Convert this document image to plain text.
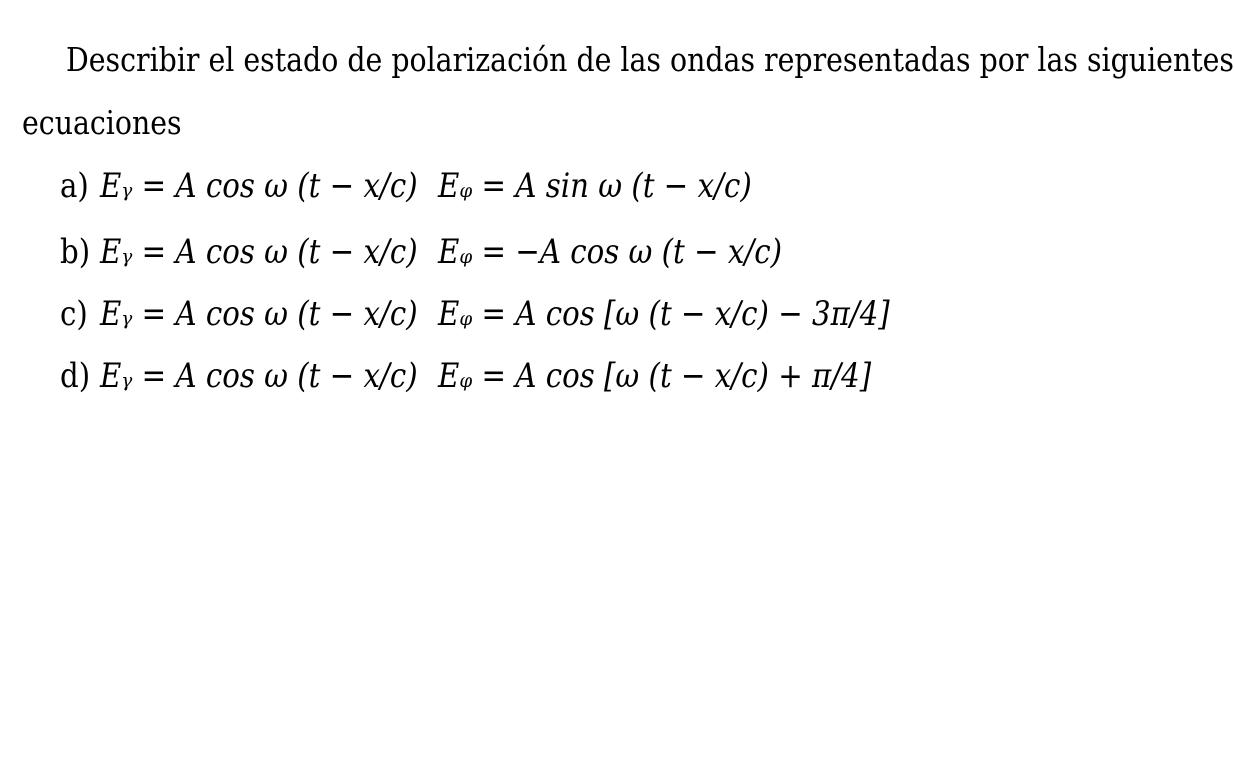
Describir el estado de polarización de las ondas representadas por las siguientes
ecuaciones
a) Eᵧ = A cos ω (t − x/c) Eᵩ = A sin ω (t − x/c)
b) Eᵧ = A cos ω (t − x/c) Eᵩ = −A cos ω (t − x/c)
c) Eᵧ = A cos ω (t − x/c) Eᵩ = A cos [ω (t − x/c) − 3π/4]
d) Eᵧ = A cos ω (t − x/c) Eᵩ = A cos [ω (t − x/c) + π/4]
